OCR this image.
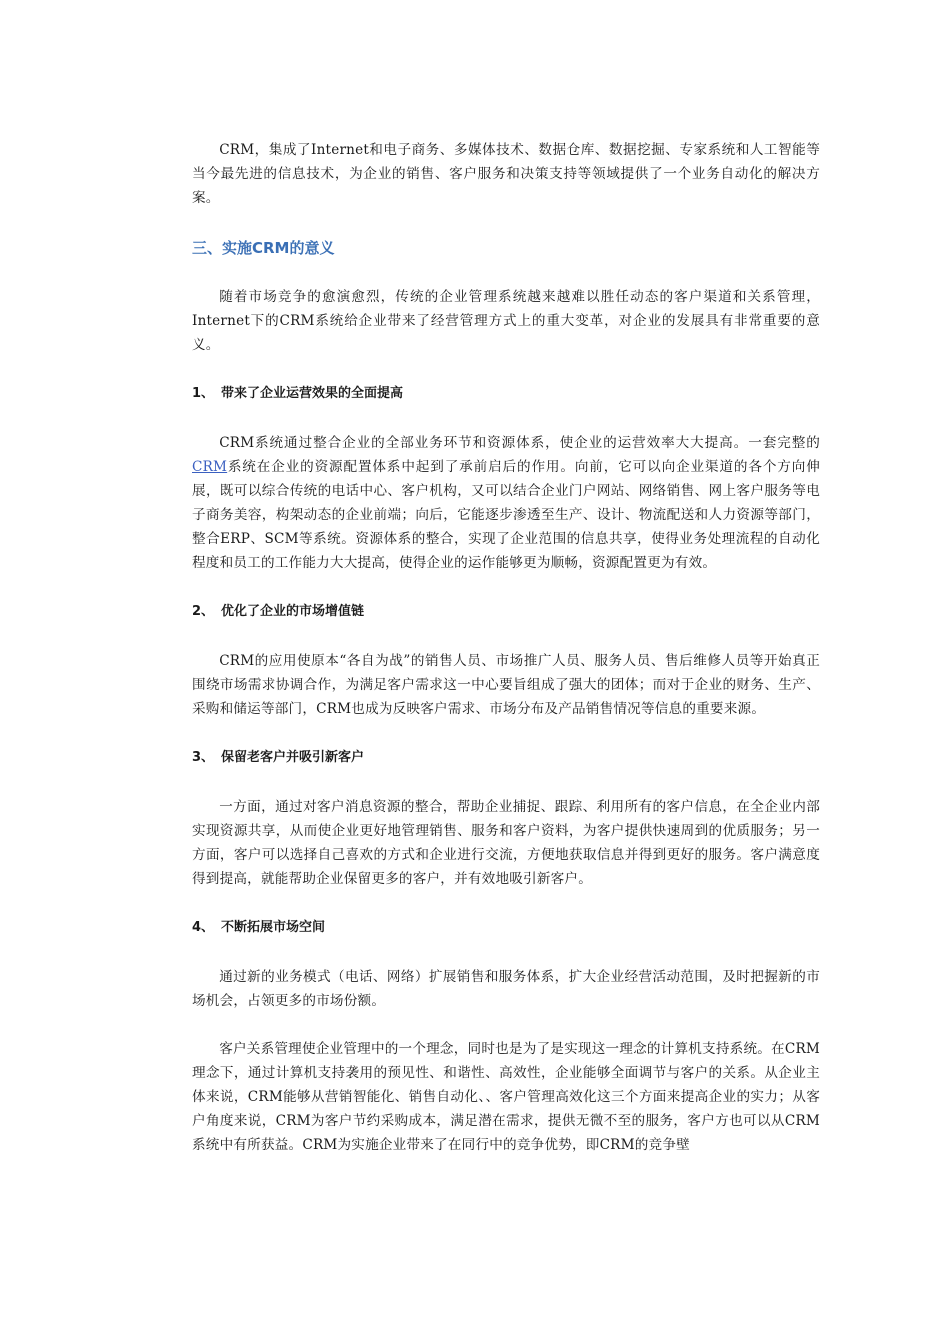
CRM，集成了Internet和电子商务、多媒体技术、数据仓库、数据挖掘、专家系统和人工智能等当今最先进的信息技术，为企业的销售、客户服务和决策支持等领域提供了一个业务自动化的解决方案。

三、实施CRM的意义

随着市场竞争的愈演愈烈，传统的企业管理系统越来越难以胜任动态的客户渠道和关系管理，Internet下的CRM系统给企业带来了经营管理方式上的重大变革，对企业的发展具有非常重要的意义。

1、 带来了企业运营效果的全面提高

CRM系统通过整合企业的全部业务环节和资源体系，使企业的运营效率大大提高。一套完整的CRM系统在企业的资源配置体系中起到了承前启后的作用。向前，它可以向企业渠道的各个方向伸展，既可以综合传统的电话中心、客户机构，又可以结合企业门户网站、网络销售、网上客户服务等电子商务美容，构架动态的企业前端；向后，它能逐步渗透至生产、设计、物流配送和人力资源等部门，整合ERP、SCM等系统。资源体系的整合，实现了企业范围的信息共享，使得业务处理流程的自动化程度和员工的工作能力大大提高，使得企业的运作能够更为顺畅，资源配置更为有效。

2、 优化了企业的市场增值链

CRM的应用使原本“各自为战”的销售人员、市场推广人员、服务人员、售后维修人员等开始真正围绕市场需求协调合作，为满足客户需求这一中心要旨组成了强大的团体；而对于企业的财务、生产、采购和储运等部门，CRM也成为反映客户需求、市场分布及产品销售情况等信息的重要来源。

3、 保留老客户并吸引新客户

一方面，通过对客户消息资源的整合，帮助企业捕捉、跟踪、利用所有的客户信息，在全企业内部实现资源共享，从而使企业更好地管理销售、服务和客户资料，为客户提供快速周到的优质服务；另一方面，客户可以选择自己喜欢的方式和企业进行交流，方便地获取信息并得到更好的服务。客户满意度得到提高，就能帮助企业保留更多的客户，并有效地吸引新客户。

4、 不断拓展市场空间

通过新的业务模式（电话、网络）扩展销售和服务体系，扩大企业经营活动范围，及时把握新的市场机会，占领更多的市场份额。

客户关系管理使企业管理中的一个理念，同时也是为了是实现这一理念的计算机支持系统。在CRM理念下，通过计算机支持袭用的预见性、和谐性、高效性，企业能够全面调节与客户的关系。从企业主体来说，CRM能够从营销智能化、销售自动化、、客户管理高效化这三个方面来提高企业的实力；从客户角度来说，CRM为客户节约采购成本，满足潜在需求，提供无微不至的服务，客户方也可以从CRM系统中有所获益。CRM为实施企业带来了在同行中的竞争优势，即CRM的竞争壁
